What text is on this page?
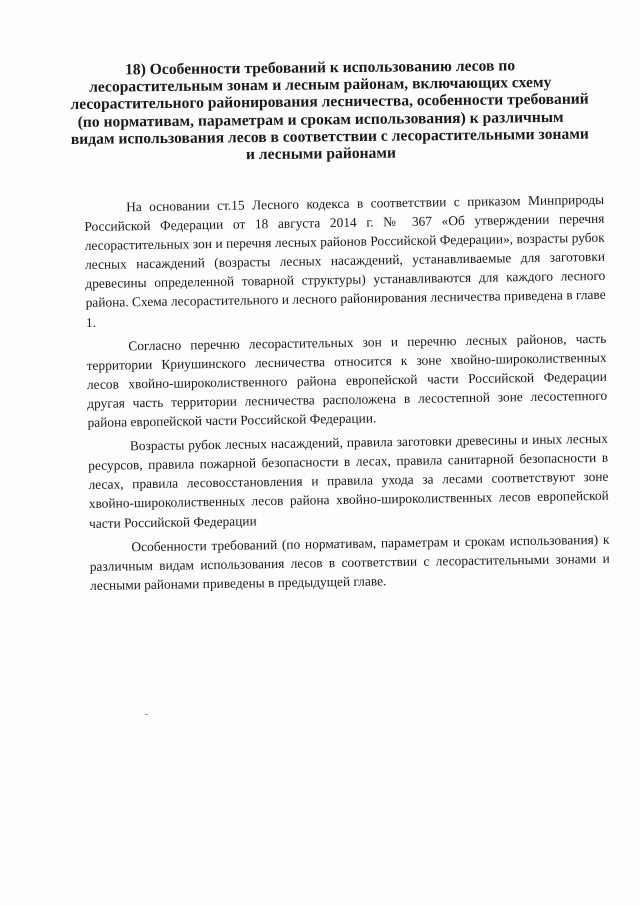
18) Особенности требований к использованию лесов по
лесорастительным зонам и лесным районам, включающих схему
лесорастительного районирования лесничества, особенности требований
(по нормативам, параметрам и срокам использования) к различным
видам использования лесов в соответствии с лесорастительными зонами
и лесными районами

На основании ст.15 Лесного кодекса в соответствии с приказом Минприроды Российской Федерации от 18 августа 2014 г. № 367 «Об утверждении перечня лесорастительных зон и перечня лесных районов Российской Федерации», возрасты рубок лесных насаждений (возрасты лесных насаждений, устанавливаемые для заготовки древесины определенной товарной структуры) устанавливаются для каждого лесного района. Схема лесорастительного и лесного районирования лесничества приведена в главе 1.

Согласно перечню лесорастительных зон и перечню лесных районов, часть территории Криушинского лесничества относится к зоне хвойно-широколиственных лесов хвойно-широколиственного района европейской части Российской Федерации другая часть территории лесничества расположена в лесостепной зоне лесостепного района европейской части Российской Федерации.

Возрасты рубок лесных насаждений, правила заготовки древесины и иных лесных ресурсов, правила пожарной безопасности в лесах, правила санитарной безопасности в лесах, правила лесовосстановления и правила ухода за лесами соответствуют зоне хвойно-широколиственных лесов района хвойно-широколиственных лесов европейской части Российской Федерации

Особенности требований (по нормативам, параметрам и срокам использования) к различным видам использования лесов в соответствии с лесорастительными зонами и лесными районами приведены в предыдущей главе.
